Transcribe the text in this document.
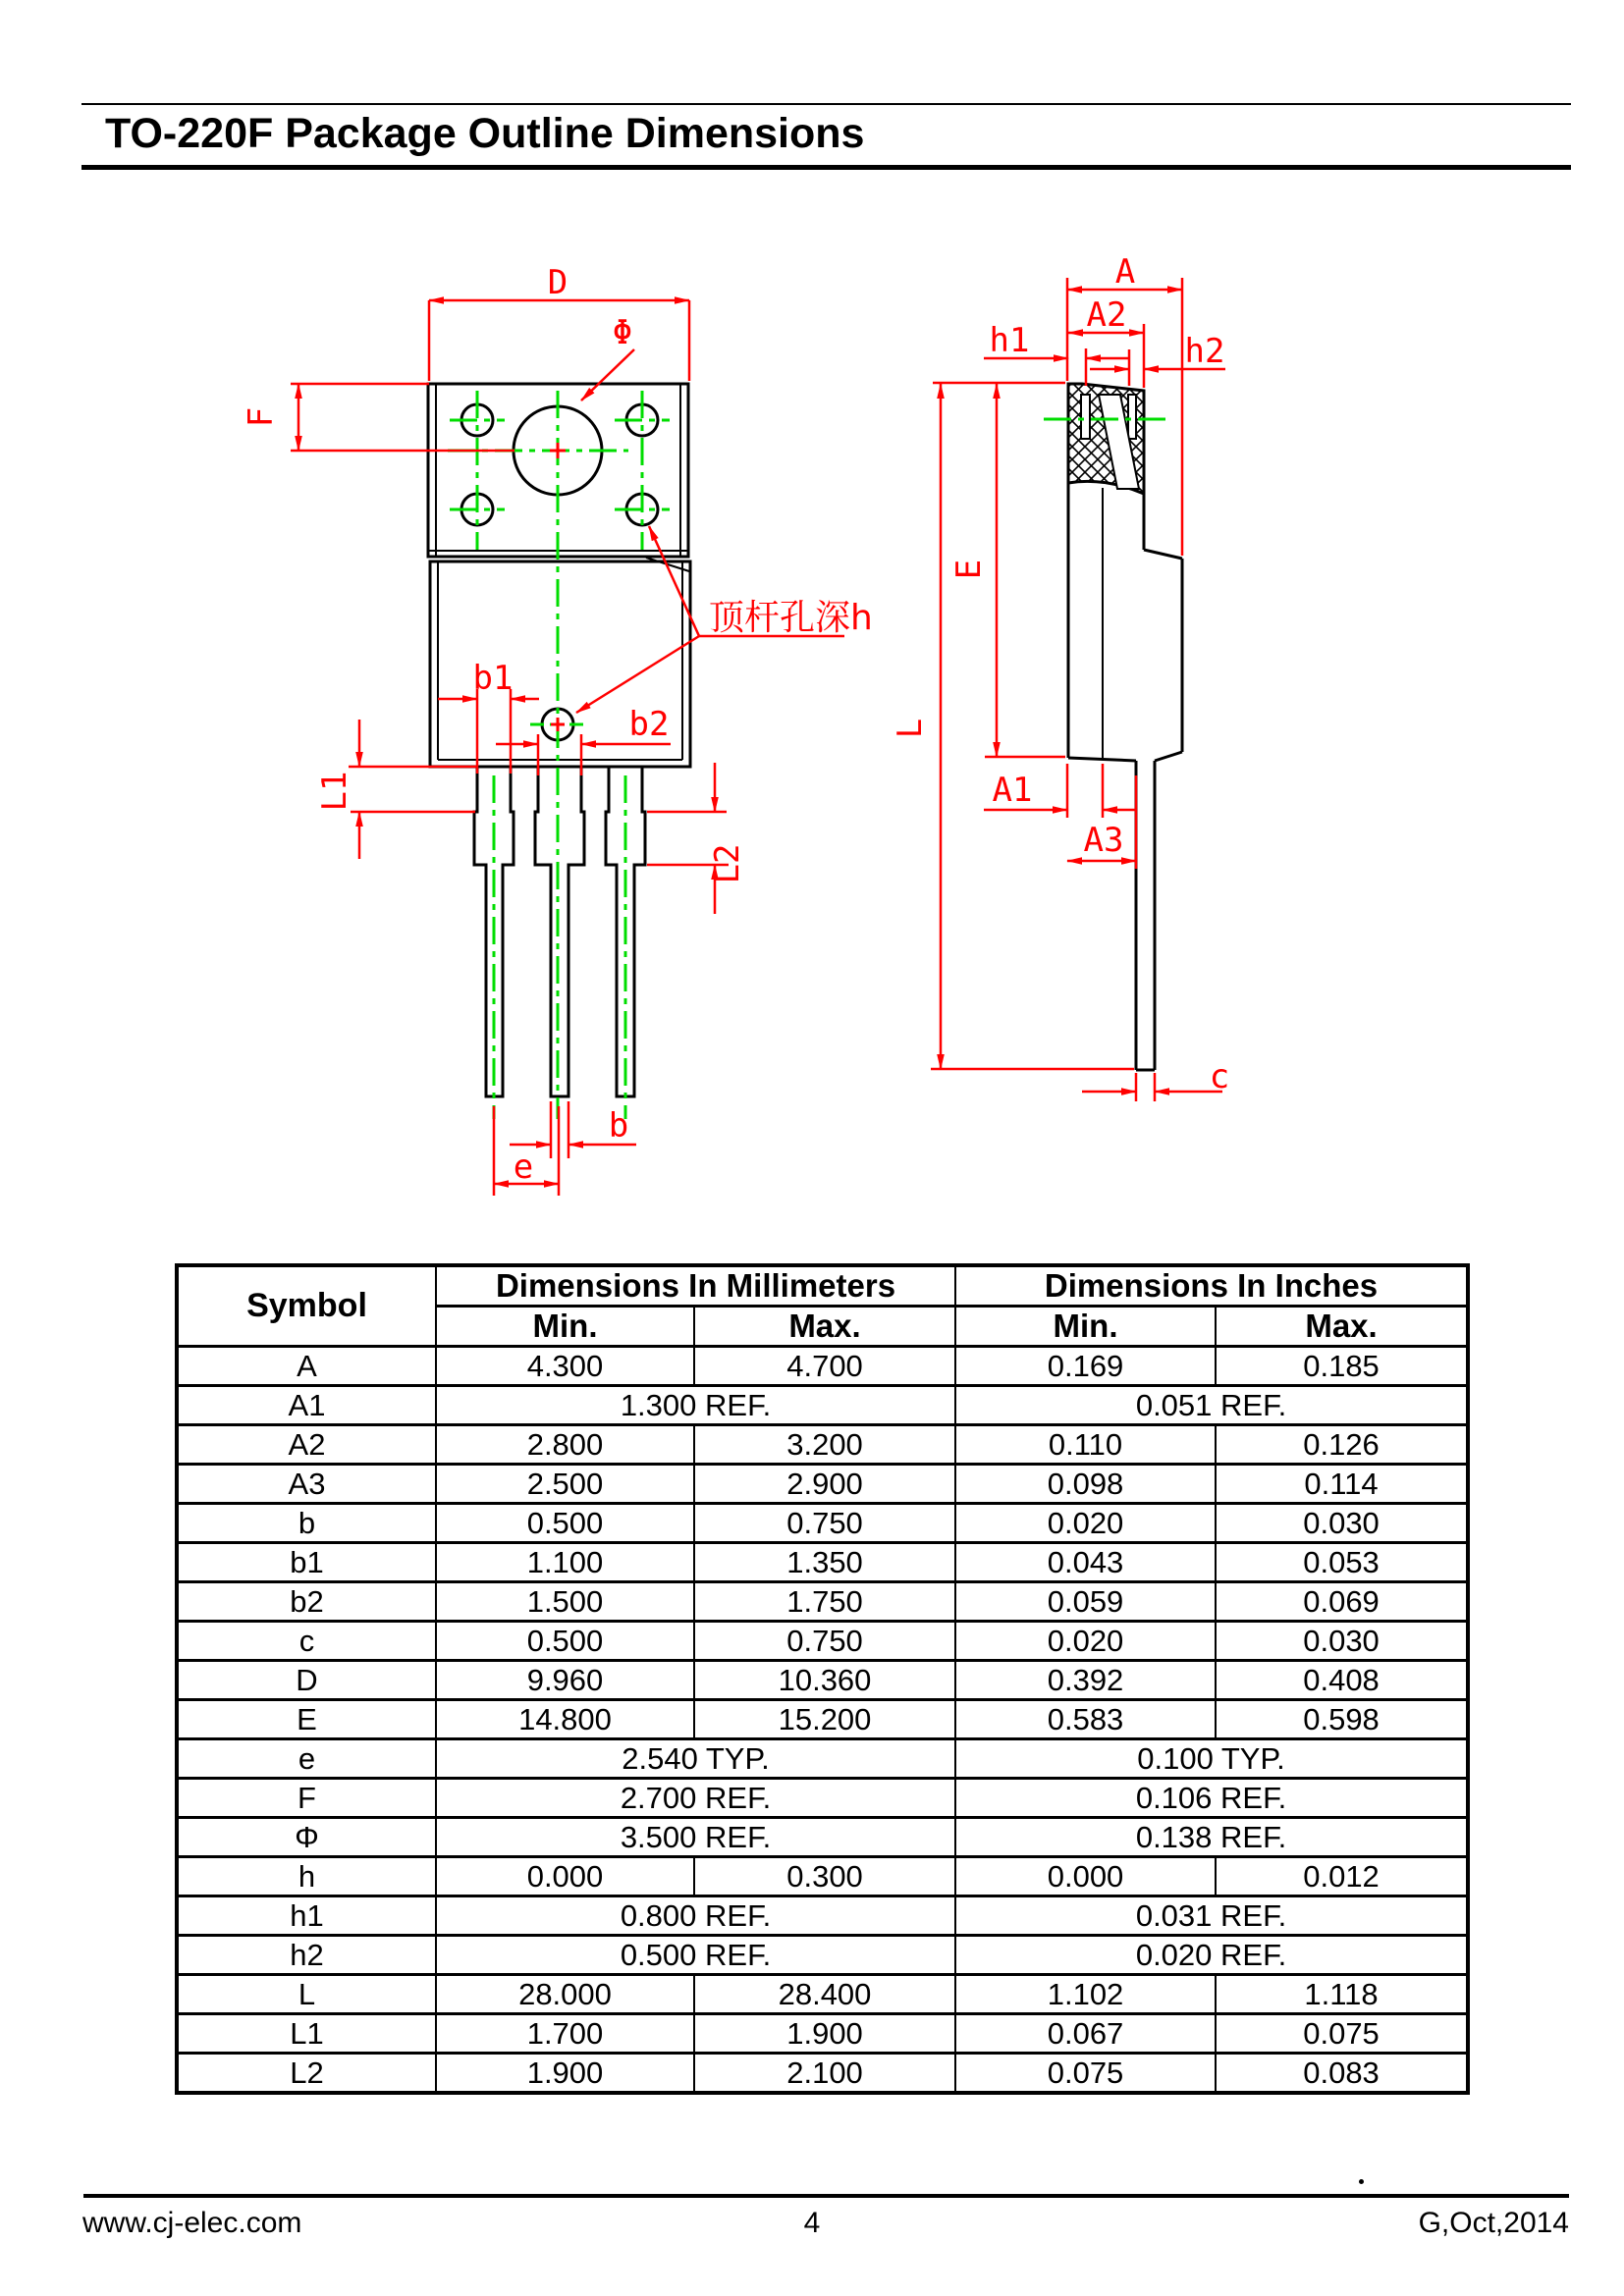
TO-220F Package Outline Dimensions
D
Φ
F
b1
b2
L1
L2
b
e
A
A2
h1	h2
E
L
A1
A3
c
顶杆孔深h
Symbol	Dimensions In Millimeters		Dimensions In Inches	
	Min.	Max.	Min.	Max.
A	4.300	4.700	0.169	0.185
A1	1.300 REF.		0.051 REF.	
A2	2.800	3.200	0.110	0.126
A3	2.500	2.900	0.098	0.114
b	0.500	0.750	0.020	0.030
b1	1.100	1.350	0.043	0.053
b2	1.500	1.750	0.059	0.069
c	0.500	0.750	0.020	0.030
D	9.960	10.360	0.392	0.408
E	14.800	15.200	0.583	0.598
e	2.540 TYP.		0.100 TYP.	
F	2.700 REF.		0.106 REF.	
Φ	3.500 REF.		0.138 REF.	
h	0.000	0.300	0.000	0.012
h1	0.800 REF.		0.031 REF.	
h2	0.500 REF.		0.020 REF.	
L	28.000	28.400	1.102	1.118
L1	1.700	1.900	0.067	0.075
L2	1.900	2.100	0.075	0.083
www.cj-elec.com	4	G,Oct,2014
